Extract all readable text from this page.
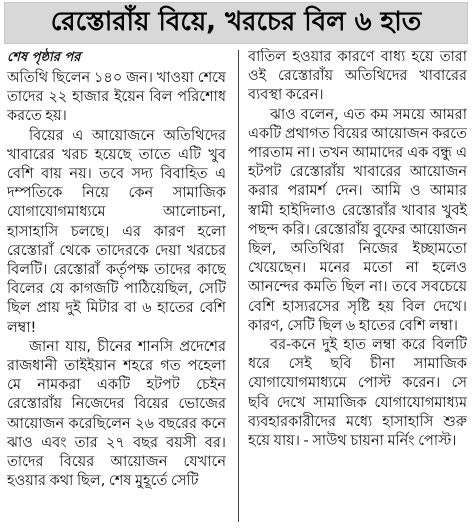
রেস্তোরাঁয় বিয়ে, খরচের বিল ৬ হাত

শেষ পৃষ্ঠার পর

অতিথি ছিলেন ১৪০ জন। খাওয়া শেষে তাদের ২২ হাজার ইয়েন বিল পরিশোধ করতে হয়।

বিয়ের এ আয়োজনে অতিথিদের খাবারের খরচ হয়েছে তাতে এটি খুব বেশি বায় নয়। তবে সদ্য বিবাহিত এ দম্পতিকে নিয়ে কেন সামাজিক যোগাযোগমাধ্যমে আলোচনা, হাসাহাসি চলছে। এর কারণ হলো রেস্তোরাঁ থেকে তাদেরকে দেয়া খরচের বিলটি। রেস্তোরাঁ কর্তৃপক্ষ তাদের কাছে বিলের যে কাগজটি পাঠিয়েছিল, সেটি ছিল প্রায় দুই মিটার বা ৬ হাতের বেশি লম্বা!

জানা যায়, চীনের শানসি প্রদেশের রাজধানী তাইইয়ান শহরে গত পহেলা মে নামকরা একটি হটপট চেইন রেস্তোরাঁয় নিজেদের বিয়ের ভোজের আয়োজন করেছিলেন ২৬ বছরের কনে ঝাও এবং তার ২৭ বছর বয়সী বর। তাদের বিয়ের আয়োজন যেখানে হওয়ার কথা ছিল, শেষ মুহূর্তে সেটি

বাতিল হওয়ার কারণে বাধ্য হয়ে তারা ওই রেস্তোরাঁয় অতিথিদের খাবারের ব্যবস্থা করেন।

ঝাও বলেন, এত কম সময়ে আমরা একটি প্রথাগত বিয়ের আয়োজন করতে পারতাম না। তখন আমাদের এক বন্ধু এ হটপট রেস্তোরাঁয় খাবারের আয়োজন করার পরামর্শ দেন। আমি ও আমার স্বামী হাইদিলাও রেস্তোরাঁর খাবার খুবই পছন্দ করি। রেস্তোরাঁয় বুফের আয়োজন ছিল, অতিথিরা নিজের ইচ্ছামতো খেয়েছেন। মনের মতো না হলেও আনন্দের কমতি ছিল না। তবে সবচেয়ে বেশি হাস্যরসের সৃষ্টি হয় বিল দেখে। কারণ, সেটি ছিল ৬ হাতের বেশি লম্বা।

বর-কনে দুই হাত লম্বা করে বিলটি ধরে সেই ছবি চীনা সামাজিক যোগাযোগমাধ্যমে পোস্ট করেন। সে ছবি দেখে সামাজিক যোগাযোগমাধ্যম ব্যবহারকারীদের মধ্যে হাসাহাসি শুরু হয়ে যায়। - সাউথ চায়না মর্নিং পোস্ট।
